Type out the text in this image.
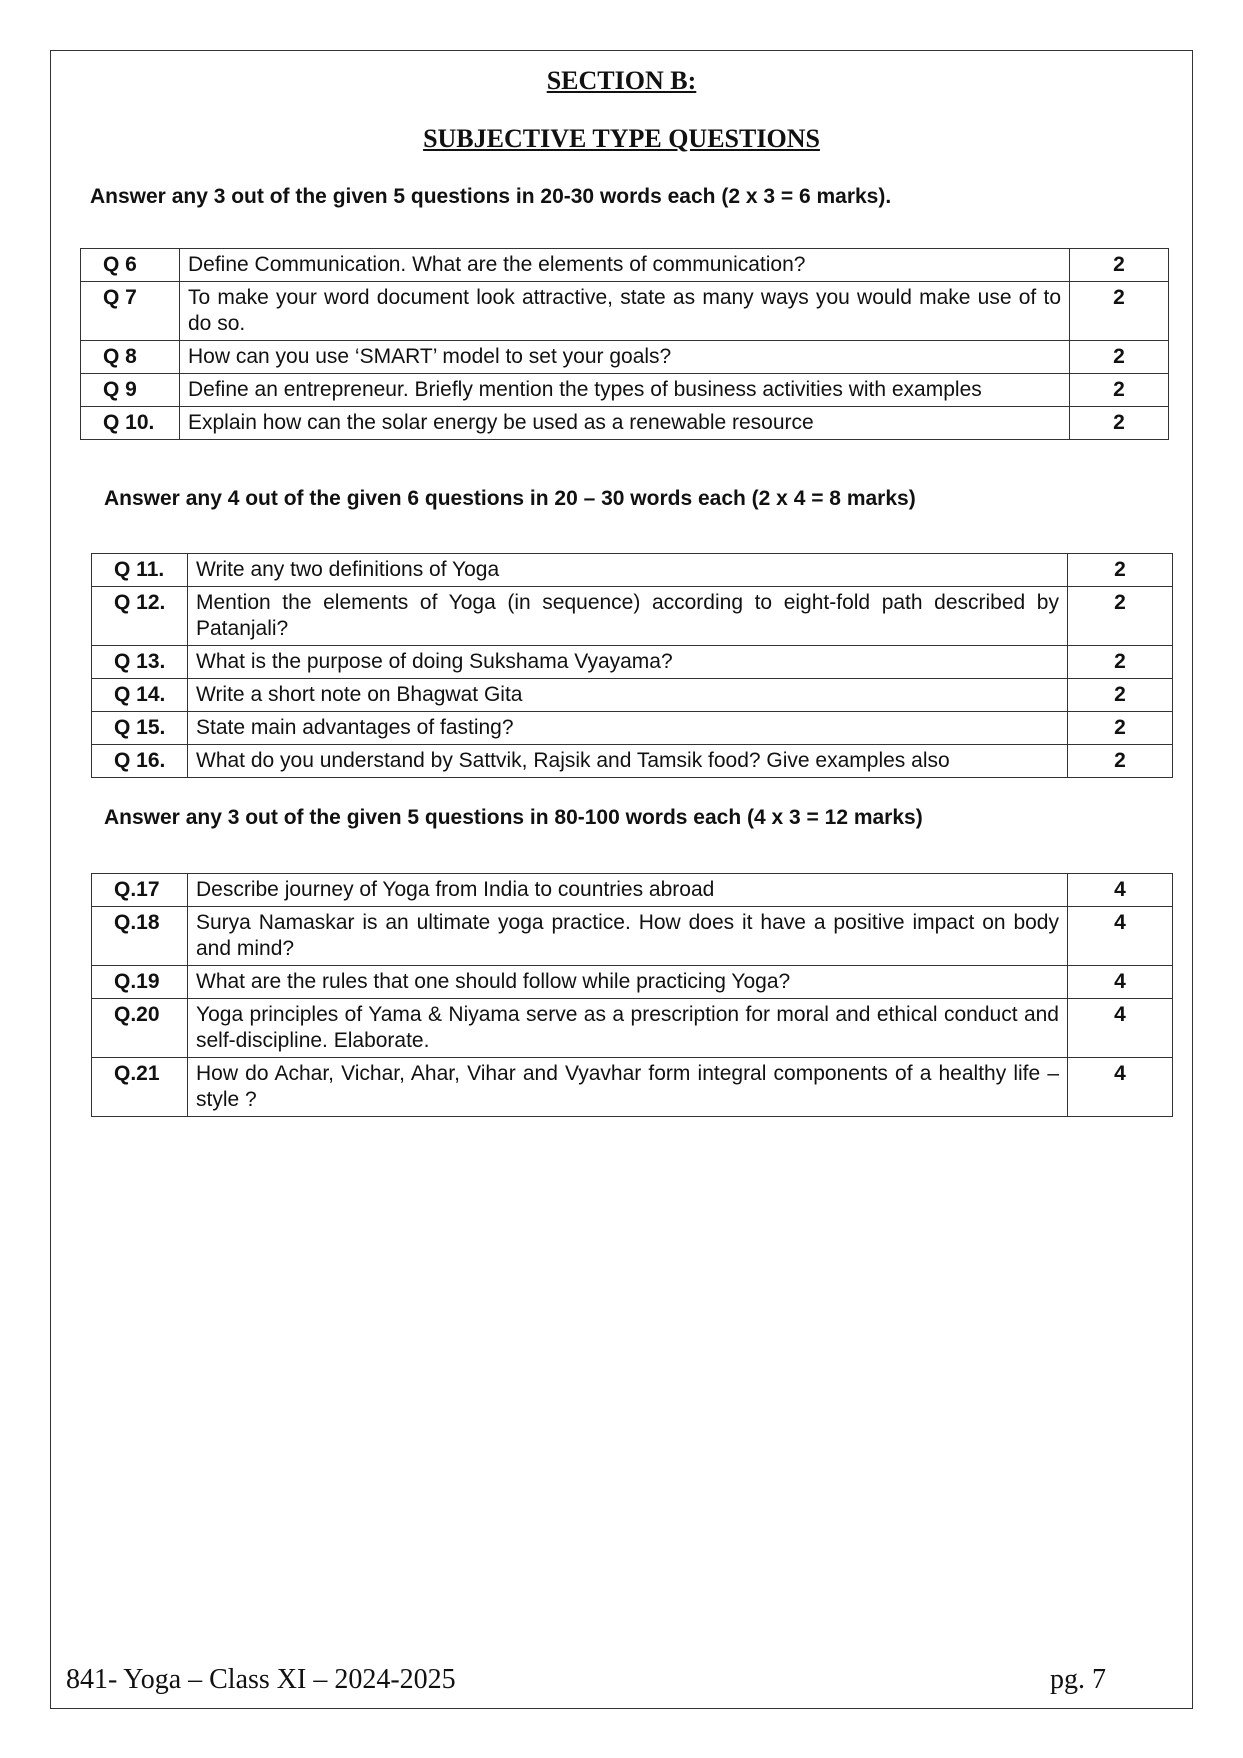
SECTION B:
SUBJECTIVE TYPE QUESTIONS
Answer any 3 out of the given 5 questions in 20-30 words each (2 x 3 = 6 marks).
Q 6	Define Communication. What are the elements of communication?	2
Q 7	To make your word document look attractive, state as many ways you would make use of to do so.	2
Q 8	How can you use ‘SMART’ model to set your goals?	2
Q 9	Define an entrepreneur. Briefly mention the types of business activities with examples	2
Q 10.	Explain how can the solar energy be used as a renewable resource	2
Answer any 4 out of the given 6 questions in 20 – 30 words each (2 x 4 = 8 marks)
Q 11.	Write any two definitions of Yoga	2
Q 12.	Mention the elements of Yoga (in sequence) according to eight-fold path described by Patanjali?	2
Q 13.	What is the purpose of doing Sukshama Vyayama?	2
Q 14.	Write a short note on Bhagwat Gita	2
Q 15.	State main advantages of fasting?	2
Q 16.	What do you understand by Sattvik, Rajsik and Tamsik food? Give examples also	2
Answer any 3 out of the given 5 questions in 80-100 words each (4 x 3 = 12 marks)
Q.17	Describe journey of Yoga from India to countries abroad	4
Q.18	Surya Namaskar is an ultimate yoga practice. How does it have a positive impact on body and mind?	4
Q.19	What are the rules that one should follow while practicing Yoga?	4
Q.20	Yoga principles of Yama & Niyama serve as a prescription for moral and ethical conduct and self-discipline. Elaborate.	4
Q.21	How do Achar, Vichar, Ahar, Vihar and Vyavhar form integral components of a healthy life – style ?	4
841- Yoga – Class XI – 2024-2025	pg. 7
